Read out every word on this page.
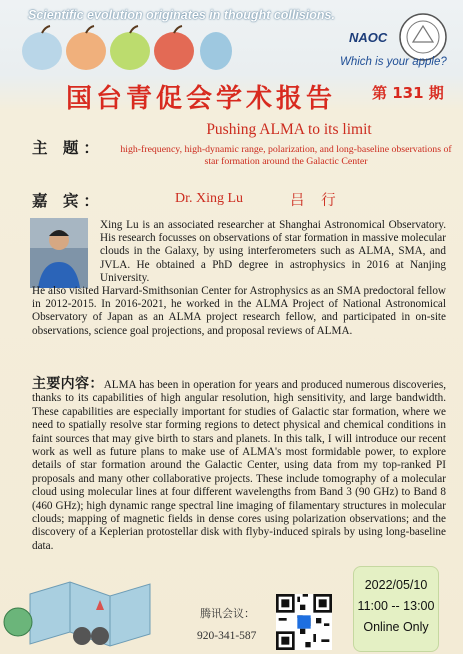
Scientific evolution originates in thought collisions.
NAOC
Which is your apple?
国台青促会学术报告 第 131 期
主 题：
Pushing ALMA to its limit
high-frequency, high-dynamic range, polarization, and long-baseline observations of star formation around the Galactic Center
嘉 宾：	Dr. Xing Lu	吕 行
Xing Lu is an associated researcher at Shanghai Astronomical Observatory. His research focusses on observations of star formation in massive molecular clouds in the Galaxy, by using interferometers such as ALMA, SMA, and JVLA. He obtained a PhD degree in astrophysics in 2016 at Nanjing University.
He also visited Harvard-Smithsonian Center for Astrophysics as an SMA predoctoral fellow in 2012-2015. In 2016-2021, he worked in the ALMA Project of National Astronomical Observatory of Japan as an ALMA project research fellow, and participated in on-site observations, science goal projections, and proposal reviews of ALMA.
主要内容：ALMA has been in operation for years and produced numerous discoveries, thanks to its capabilities of high angular resolution, high sensitivity, and large bandwidth. These capabilities are especially important for studies of Galactic star formation, where we need to spatially resolve star forming regions to detect physical and chemical conditions in faint sources that may give birth to stars and planets. In this talk, I will introduce our recent work as well as future plans to make use of ALMA's most formidable power, to explore details of star formation around the Galactic Center, using data from my top-ranked PI proposals and many other collaborative projects. These include tomography of a molecular cloud using molecular lines at four different wavelengths from Band 3 (90 GHz) to Band 8 (460 GHz); high dynamic range spectral line imaging of filamentary structures in molecular clouds; mapping of magnetic fields in dense cores using polarization observations; and the discovery of a Keplerian protostellar disk with flyby-induced spirals by using long-baseline data.
腾讯会议：
920-341-587
2022/05/10
11:00 -- 13:00
Online Only
